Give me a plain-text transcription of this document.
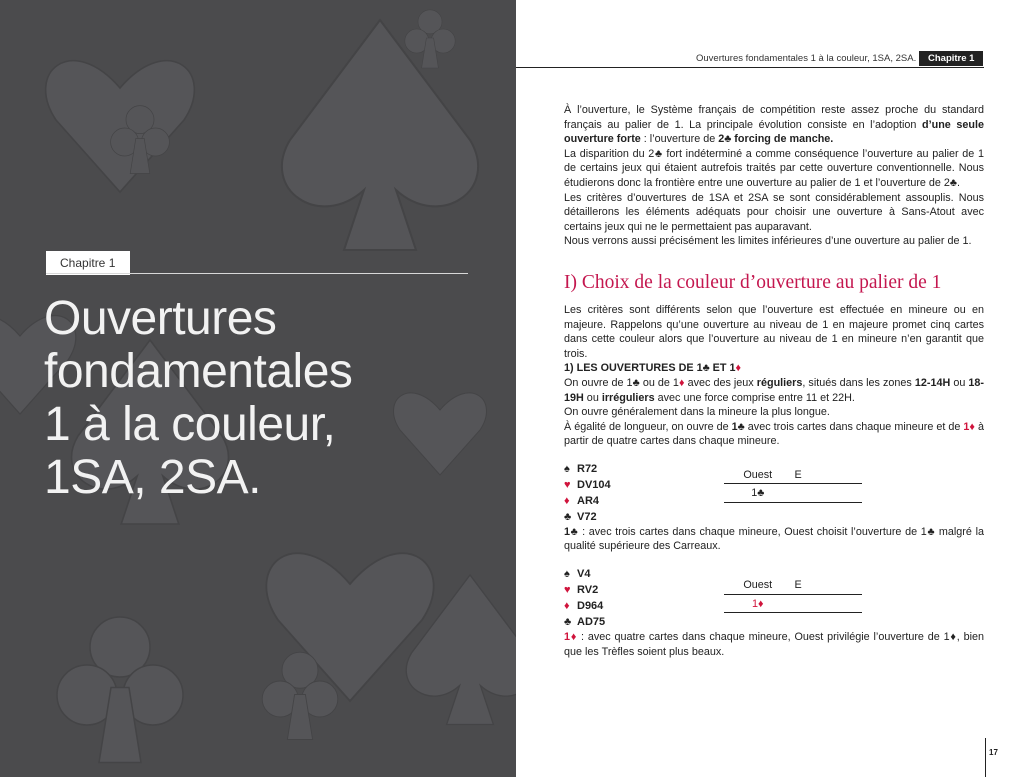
Chapitre 1
Ouvertures
fondamentales
1 à la couleur,
1SA, 2SA.
Ouvertures fondamentales 1 à la couleur, 1SA, 2SA.	Chapitre 1

À l’ouverture, le Système français de compétition reste assez proche du standard français au palier de 1. La principale évolution consiste en l’adoption d’une seule ouverture forte : l’ouverture de 2♣ forcing de manche.

La disparition du 2♣ fort indéterminé a comme conséquence l’ouverture au palier de 1 de certains jeux qui étaient autrefois traités par cette ouverture conventionnelle. Nous étudierons donc la frontière entre une ouverture au palier de 1 et l’ouverture de 2♣.

Les critères d’ouvertures de 1SA et 2SA se sont considérablement assouplis. Nous détaillerons les éléments adéquats pour choisir une ouverture à Sans-Atout avec certains jeux qui ne le permettaient pas auparavant.

Nous verrons aussi précisément les limites inférieures d’une ouverture au palier de 1.

I) Choix de la couleur d’ouverture au palier de 1

Les critères sont différents selon que l’ouverture est effectuée en mineure ou en majeure. Rappelons qu’une ouverture au niveau de 1 en majeure promet cinq cartes dans cette couleur alors que l’ouverture au niveau de 1 en mineure n’en garantit que trois.

1) LES OUVERTURES DE 1♣ ET 1♦

On ouvre de 1♣ ou de 1♦ avec des jeux réguliers, situés dans les zones 12-14H ou 18-19H ou irréguliers avec une force comprise entre 11 et 22H.

On ouvre généralement dans la mineure la plus longue.

À égalité de longueur, on ouvre de 1♣ avec trois cartes dans chaque mineure et de 1♦ à partir de quatre cartes dans chaque mineure.

♠ R72
♥ DV104
♦ AR4
♣ V72
Ouest	E
1♣

1♣ : avec trois cartes dans chaque mineure, Ouest choisit l’ouverture de 1♣ malgré la qualité supérieure des Carreaux.

♠ V4
♥ RV2
♦ D964
♣ AD75
Ouest	E
1♦

1♦ : avec quatre cartes dans chaque mineure, Ouest privilégie l’ouverture de 1♦, bien que les Trèfles soient plus beaux.

17
